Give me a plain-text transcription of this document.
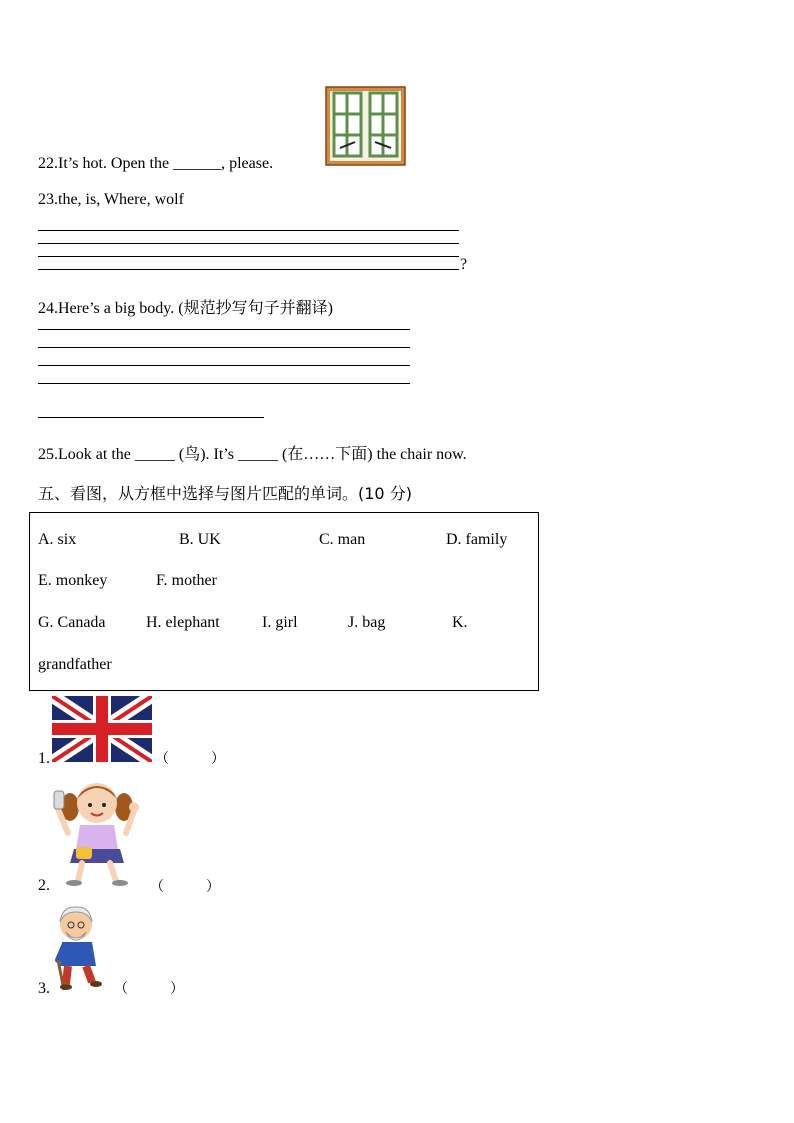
22.It’s hot. Open the ______, please.
23.the, is, Where, wolf
?
24.Here’s a big body. (规范抄写句子并翻译)
25.Look at the _____ (鸟). It’s _____ (在……下面) the chair now.
五、看图，从方框中选择与图片匹配的单词。(10 分)
A. six	B. UK	C. man	D. family
E. monkey	F. mother
G. Canada	H. elephant	I. girl	J. bag	K.
grandfather
1.	（　　　）
2.	（　　　）
3.	（　　　）
